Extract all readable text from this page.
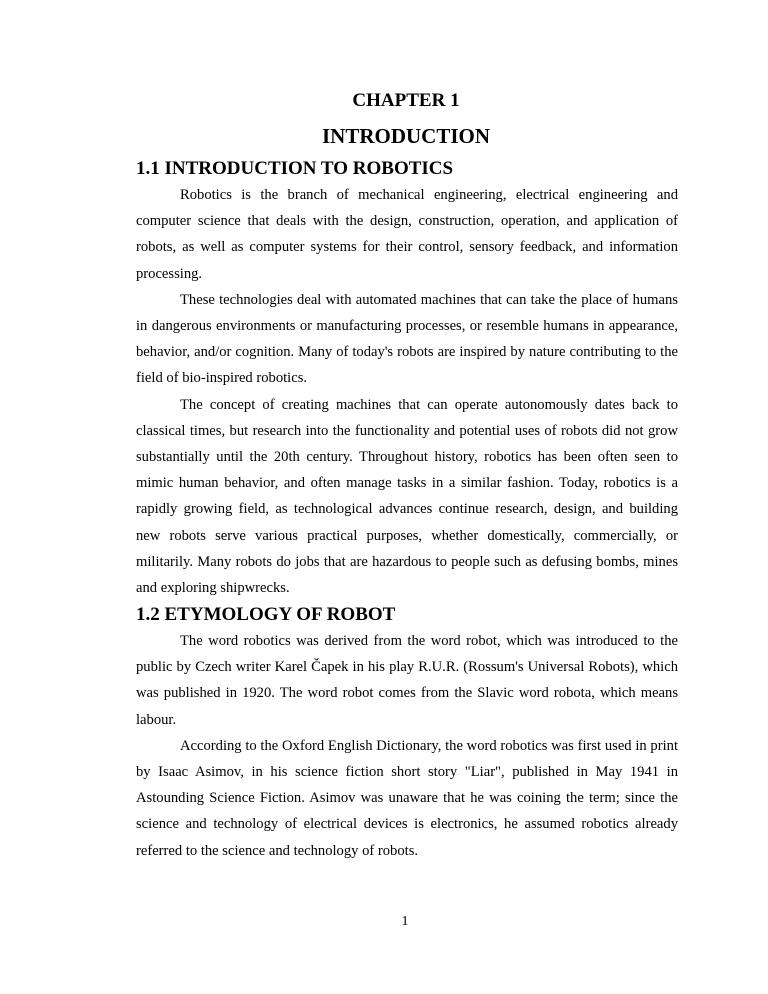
CHAPTER 1
INTRODUCTION
1.1 INTRODUCTION TO ROBOTICS

Robotics is the branch of mechanical engineering, electrical engineering and computer science that deals with the design, construction, operation, and application of robots, as well as computer systems for their control, sensory feedback, and information processing.

These technologies deal with automated machines that can take the place of humans in dangerous environments or manufacturing processes, or resemble humans in appearance, behavior, and/or cognition. Many of today's robots are inspired by nature contributing to the field of bio-inspired robotics.

The concept of creating machines that can operate autonomously dates back to classical times, but research into the functionality and potential uses of robots did not grow substantially until the 20th century. Throughout history, robotics has been often seen to mimic human behavior, and often manage tasks in a similar fashion. Today, robotics is a rapidly growing field, as technological advances continue research, design, and building new robots serve various practical purposes, whether domestically, commercially, or militarily. Many robots do jobs that are hazardous to people such as defusing bombs, mines and exploring shipwrecks.

1.2 ETYMOLOGY OF ROBOT

The word robotics was derived from the word robot, which was introduced to the public by Czech writer Karel Čapek in his play R.U.R. (Rossum's Universal Robots), which was published in 1920. The word robot comes from the Slavic word robota, which means labour.

According to the Oxford English Dictionary, the word robotics was first used in print by Isaac Asimov, in his science fiction short story "Liar", published in May 1941 in Astounding Science Fiction. Asimov was unaware that he was coining the term; since the science and technology of electrical devices is electronics, he assumed robotics already referred to the science and technology of robots.

1
